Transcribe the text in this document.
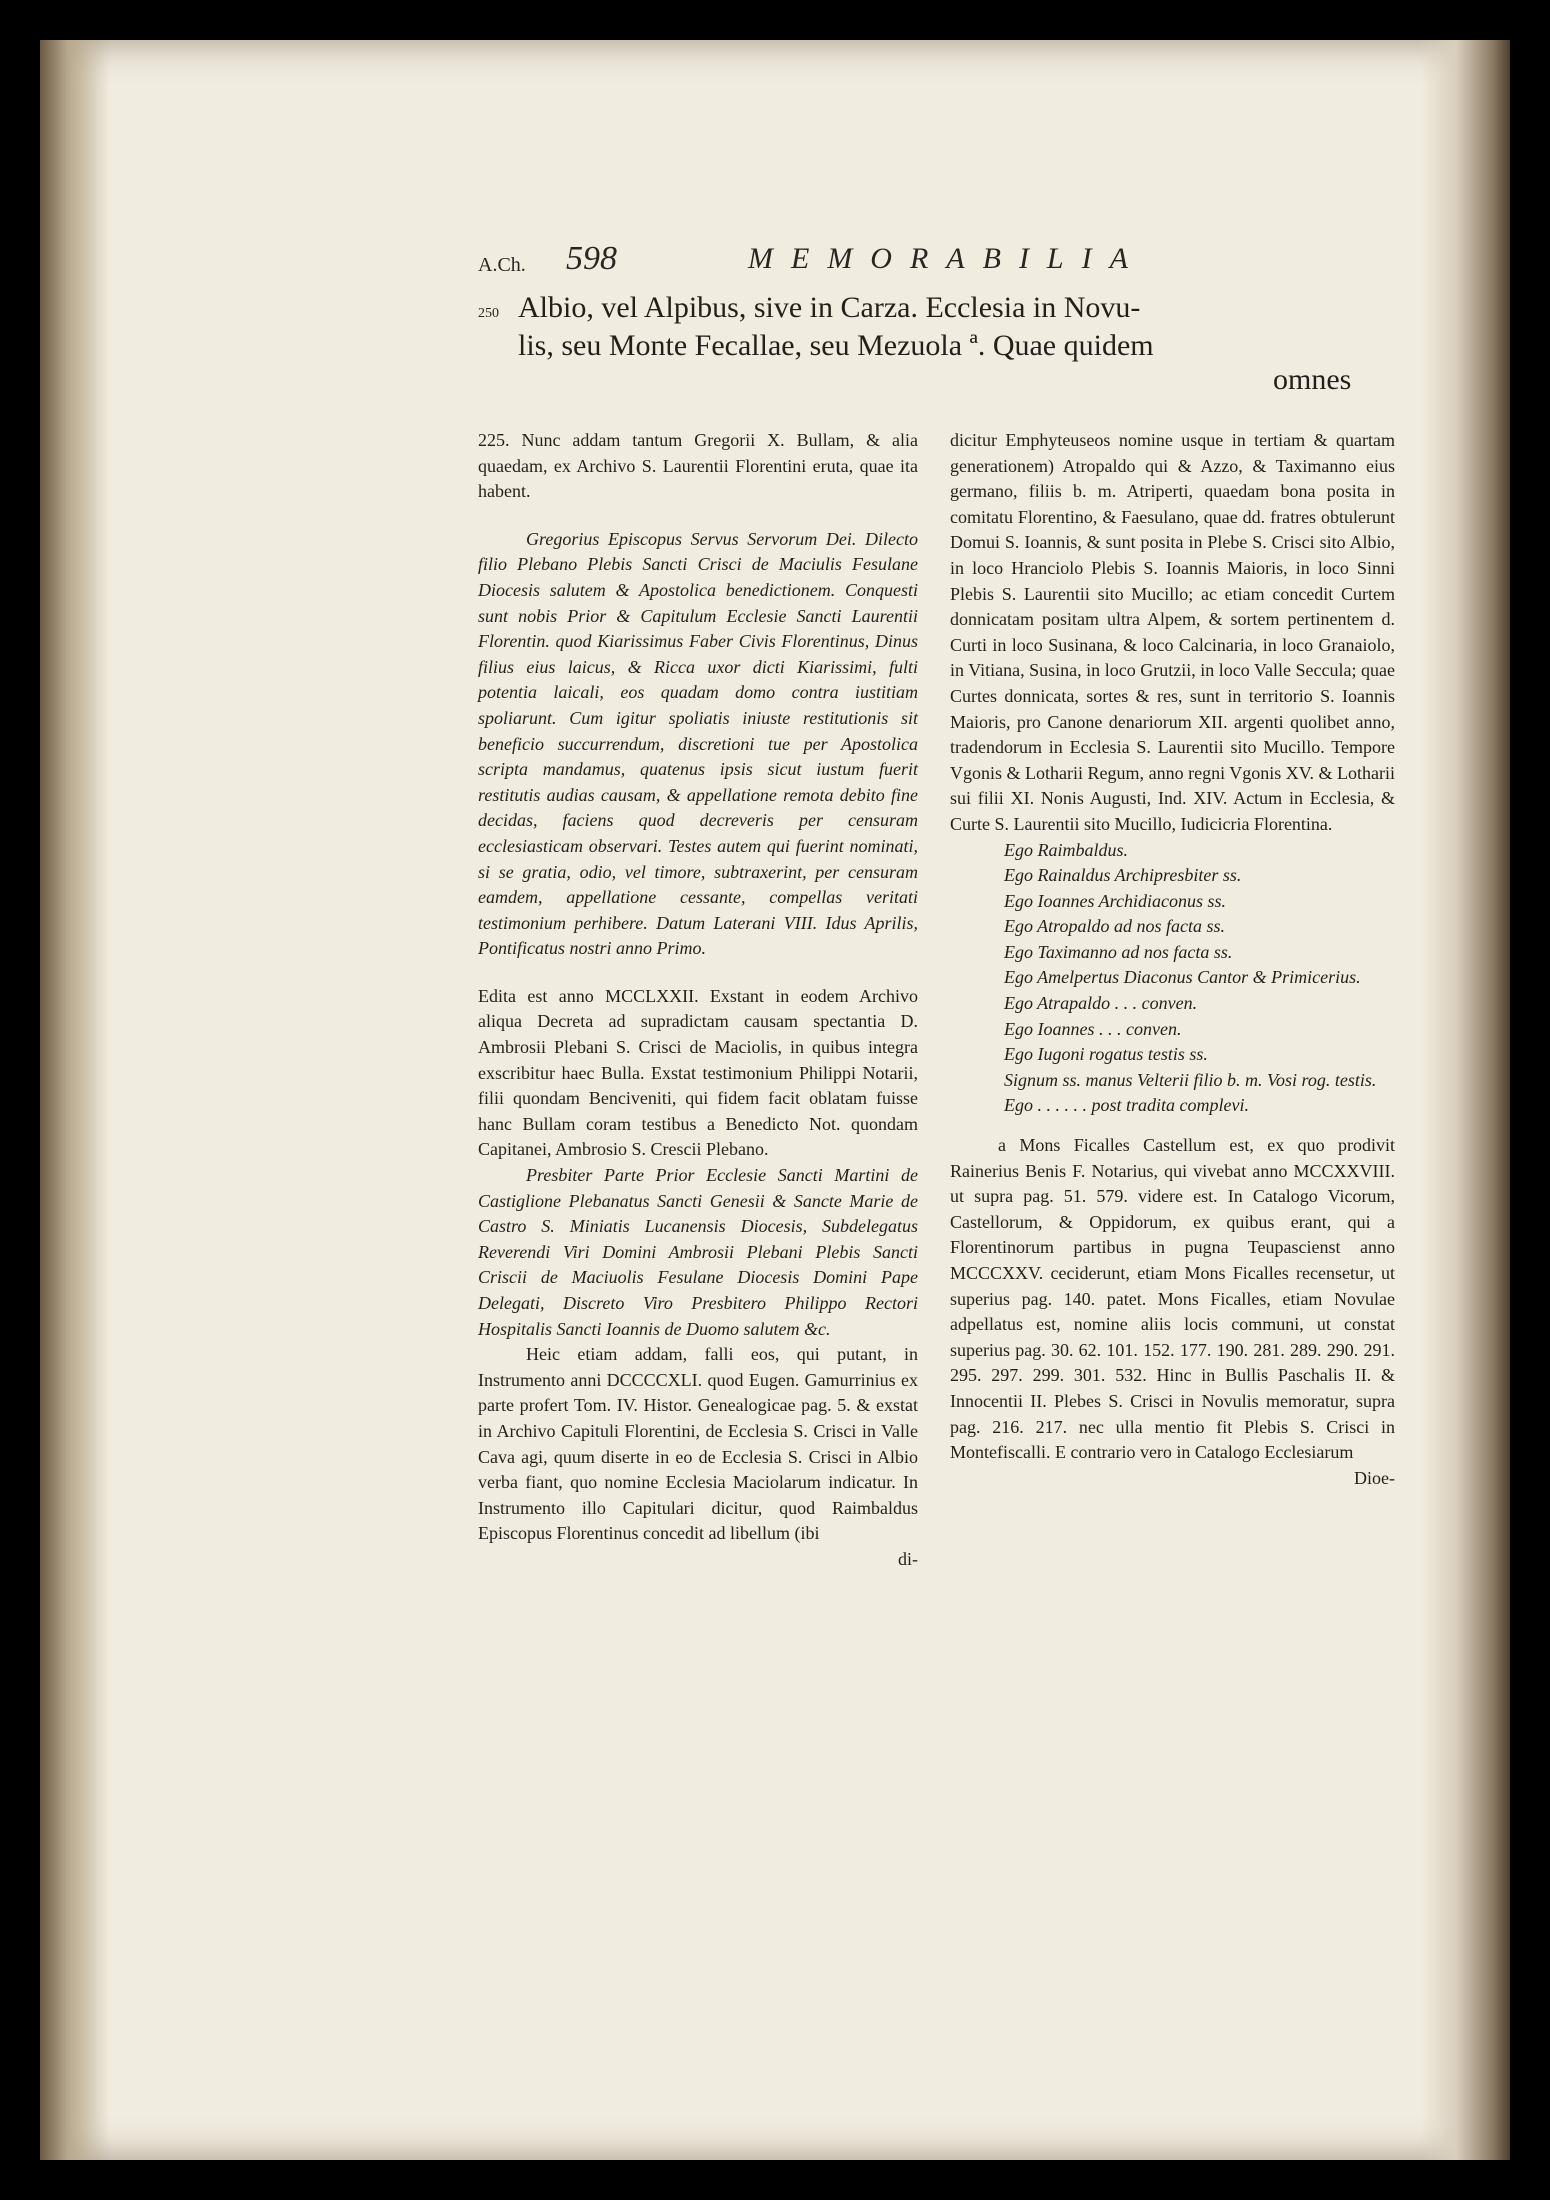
A.Ch. 598	MEMORABILIA
250 Albio, vel Alpibus, sive in Carza. Ecclesia in Novu-
lis, seu Monte Fecallae, seu Mezuola ª. Quae quidem
omnes

225. Nunc addam tantum Gregorii X. Bullam, & alia quaedam, ex Archivo S. Laurentii Florentini eruta, quae ita habent.

Gregorius Episcopus Servus Servorum Dei. Dilecto filio Plebano Plebis Sancti Crisci de Maciulis Fesulane Diocesis salutem & Apostolica benedictionem. Conquesti sunt nobis Prior & Capitulum Ecclesie Sancti Laurentii Florentin. quod Kiarissimus Faber Civis Florentinus, Dinus filius eius laicus, & Ricca uxor dicti Kiarissimi, fulti potentia laicali, eos quadam domo contra iustitiam spoliarunt. Cum igitur spoliatis iniuste restitutionis sit beneficio succurrendum, discretioni tue per Apostolica scripta mandamus, quatenus ipsis sicut iustum fuerit restitutis audias causam, & appellatione remota debito fine decidas, faciens quod decreveris per censuram ecclesiasticam observari. Testes autem qui fuerint nominati, si se gratia, odio, vel timore, subtraxerint, per censuram eamdem, appellatione cessante, compellas veritati testimonium perhibere. Datum Laterani VIII. Idus Aprilis, Pontificatus nostri anno Primo.

Edita est anno MCCLXXII. Exstant in eodem Archivo aliqua Decreta ad supradictam causam spectantia D. Ambrosii Plebani S. Crisci de Maciolis, in quibus integra exscribitur haec Bulla. Exstat testimonium Philippi Notarii, filii quondam Benciveniti, qui fidem facit oblatam fuisse hanc Bullam coram testibus a Benedicto Not. quondam Capitanei, Ambrosio S. Crescii Plebano.

Presbiter Parte Prior Ecclesie Sancti Martini de Castiglione Plebanatus Sancti Genesii & Sancte Marie de Castro S. Miniatis Lucanensis Diocesis, Subdelegatus Reverendi Viri Domini Ambrosii Plebani Plebis Sancti Criscii de Maciuolis Fesulane Diocesis Domini Pape Delegati, Discreto Viro Presbitero Philippo Rectori Hospitalis Sancti Ioannis de Duomo salutem &c.

Heic etiam addam, falli eos, qui putant, in Instrumento anni DCCCCXLI. quod Eugen. Gamurrinius ex parte profert Tom. IV. Histor. Genealogicae pag. 5. & exstat in Archivo Capituli Florentini, de Ecclesia S. Crisci in Valle Cava agi, quum diserte in eo de Ecclesia S. Crisci in Albio verba fiant, quo nomine Ecclesia Maciolarum indicatur. In Instrumento illo Capitulari dicitur, quod Raimbaldus Episcopus Florentinus concedit ad libellum (ibi

di-

dicitur Emphyteuseos nomine usque in tertiam & quartam generationem) Atropaldo qui & Azzo, & Taximanno eius germano, filiis b. m. Atriperti, quaedam bona posita in comitatu Florentino, & Faesulano, quae dd. fratres obtulerunt Domui S. Ioannis, & sunt posita in Plebe S. Crisci sito Albio, in loco Hranciolo Plebis S. Ioannis Maioris, in loco Sinni Plebis S. Laurentii sito Mucillo; ac etiam concedit Curtem donnicatam positam ultra Alpem, & sortem pertinentem d. Curti in loco Susinana, & loco Calcinaria, in loco Granaiolo, in Vitiana, Susina, in loco Grutzii, in loco Valle Seccula; quae Curtes donnicata, sortes & res, sunt in territorio S. Ioannis Maioris, pro Canone denariorum XII. argenti quolibet anno, tradendorum in Ecclesia S. Laurentii sito Mucillo. Tempore Vgonis & Lotharii Regum, anno regni Vgonis XV. & Lotharii sui filii XI. Nonis Augusti, Ind. XIV. Actum in Ecclesia, & Curte S. Laurentii sito Mucillo, Iudicicria Florentina.

Ego Raimbaldus.

Ego Rainaldus Archipresbiter ss.

Ego Ioannes Archidiaconus ss.

Ego Atropaldo ad nos facta ss.

Ego Taximanno ad nos facta ss.

Ego Amelpertus Diaconus Cantor & Primicerius.

Ego Atrapaldo . . . conven.

Ego Ioannes . . . conven.

Ego Iugoni rogatus testis ss.

Signum ss. manus Velterii filio b. m. Vosi rog. testis.

Ego . . . . . . post tradita complevi.

a Mons Ficalles Castellum est, ex quo prodivit Rainerius Benis F. Notarius, qui vivebat anno MCCXXVIII. ut supra pag. 51. 579. videre est. In Catalogo Vicorum, Castellorum, & Oppidorum, ex quibus erant, qui a Florentinorum partibus in pugna Teupascienst anno MCCCXXV. ceciderunt, etiam Mons Ficalles recensetur, ut superius pag. 140. patet. Mons Ficalles, etiam Novulae adpellatus est, nomine aliis locis communi, ut constat superius pag. 30. 62. 101. 152. 177. 190. 281. 289. 290. 291. 295. 297. 299. 301. 532. Hinc in Bullis Paschalis II. & Innocentii II. Plebes S. Crisci in Novulis memoratur, supra pag. 216. 217. nec ulla mentio fit Plebis S. Crisci in Montefiscalli. E contrario vero in Catalogo Ecclesiarum

Dioe-
